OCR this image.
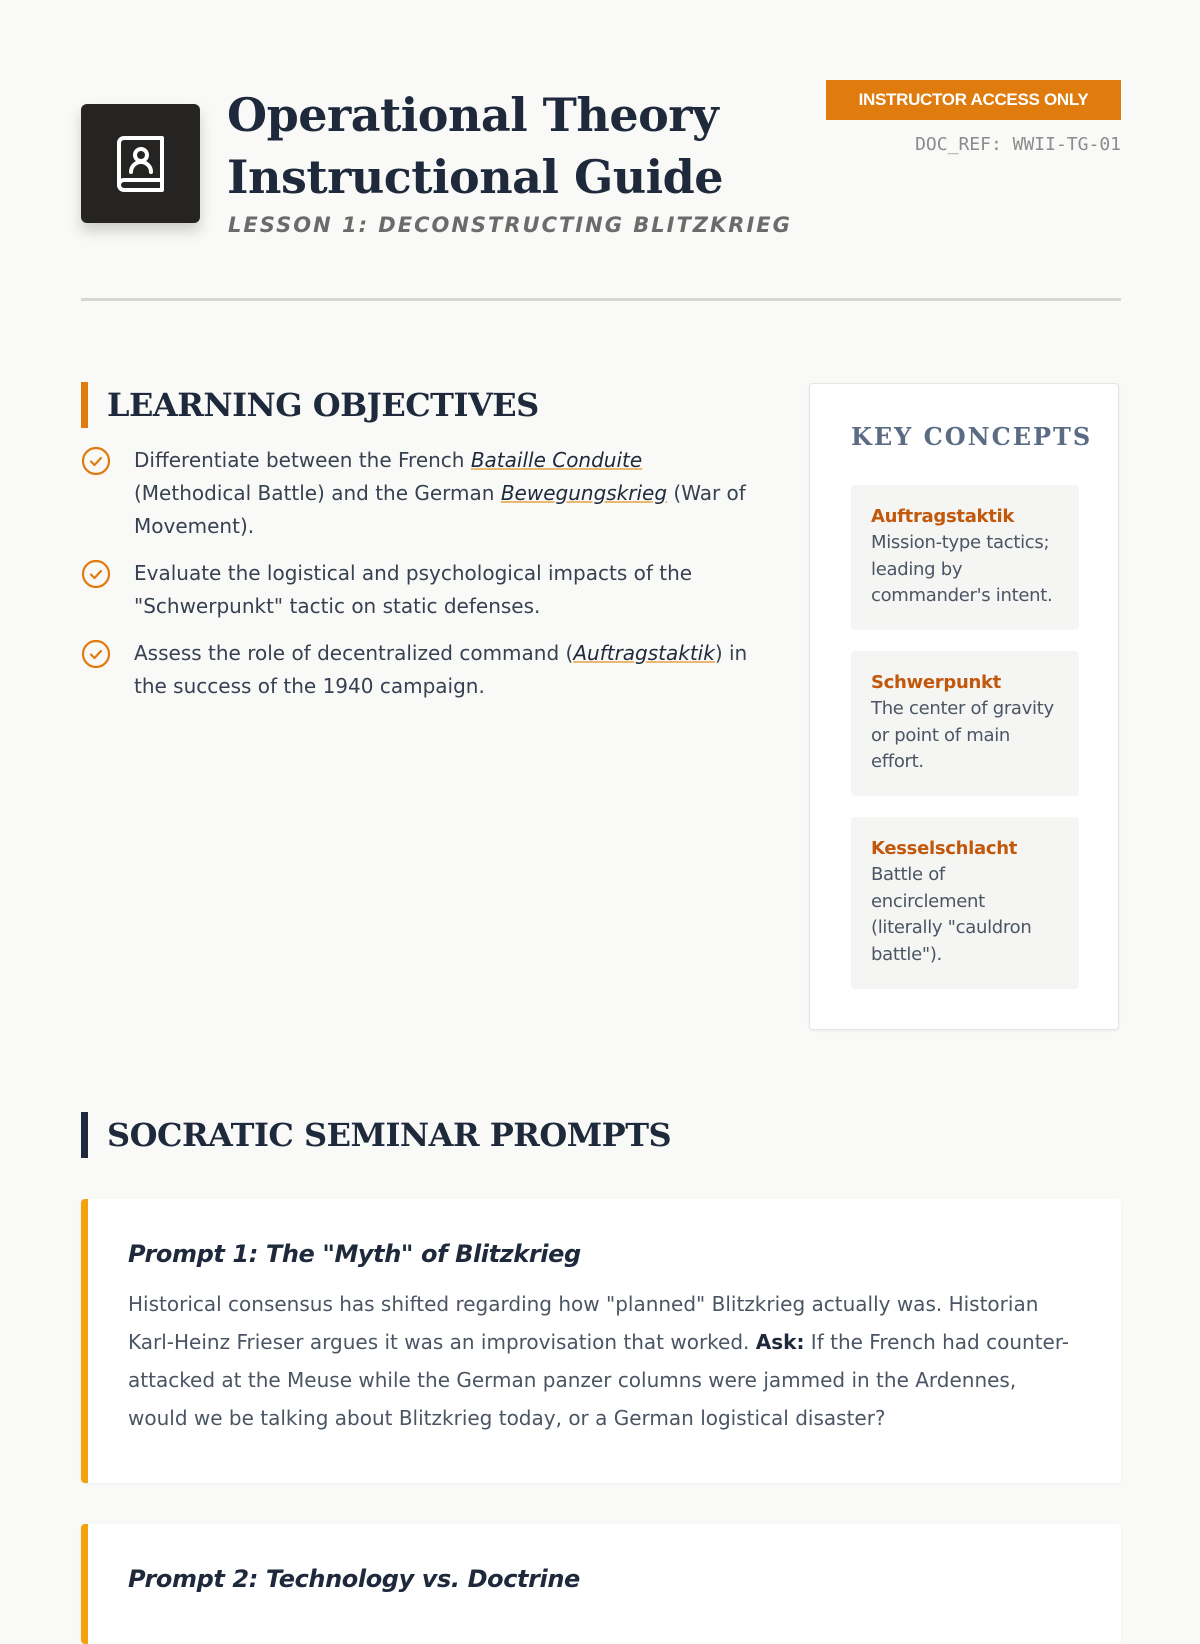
Operational Theory Instructional Guide
LESSON 1: DECONSTRUCTING BLITZKRIEG
INSTRUCTOR ACCESS ONLY
DOC_REF: WWII-TG-01
LEARNING OBJECTIVES
Differentiate between the French Bataille Conduite (Methodical Battle) and the German Bewegungskrieg (War of Movement).
Evaluate the logistical and psychological impacts of the "Schwerpunkt" tactic on static defenses.
Assess the role of decentralized command (Auftragstaktik) in the success of the 1940 campaign.
KEY CONCEPTS
Auftragstaktik
Mission-type tactics; leading by commander's intent.
Schwerpunkt
The center of gravity or point of main effort.
Kesselschlacht
Battle of encirclement (literally "cauldron battle").
SOCRATIC SEMINAR PROMPTS
Prompt 1: The "Myth" of Blitzkrieg

Historical consensus has shifted regarding how "planned" Blitzkrieg actually was. Historian Karl-Heinz Frieser argues it was an improvisation that worked. Ask: If the French had counter-attacked at the Meuse while the German panzer columns were jammed in the Ardennes, would we be talking about Blitzkrieg today, or a German logistical disaster?

Prompt 2: Technology vs. Doctrine
